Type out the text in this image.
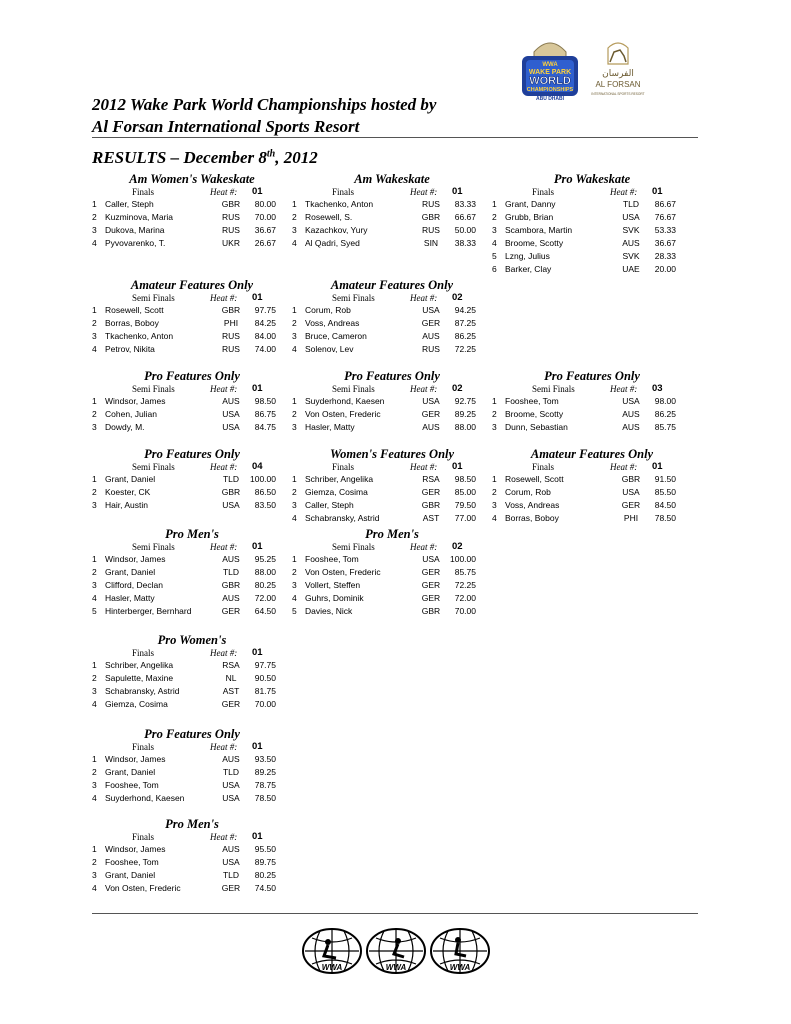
WWA
WAKE PARK
WORLD
CHAMPIONSHIPS
ABU DHABI
الفرسان
AL FORSAN
INTERNATIONAL SPORTS RESORT
2012 Wake Park World Championships hosted by
Al Forsan International Sports Resort
RESULTS – December 8th, 2012
Am Women's Wakeskate
Finals	Heat #: 01
1 Caller, Steph	GBR	80.00
2 Kuzminova, Maria	RUS	70.00
3 Dukova, Marina	RUS	36.67
4 Pyvovarenko, T.	UKR	26.67
Am Wakeskate
Finals	Heat #: 01
1 Tkachenko, Anton	RUS	83.33
2 Rosewell, S.	GBR	66.67
3 Kazachkov, Yury	RUS	50.00
4 Al Qadri, Syed	SIN	38.33
Pro Wakeskate
Finals	Heat #: 01
1 Grant, Danny	TLD	86.67
2 Grubb, Brian	USA	76.67
3 Scambora, Martin	SVK	53.33
4 Broome, Scotty	AUS	36.67
5 Lzng, Julius	SVK	28.33
6 Barker, Clay	UAE	20.00
Amateur Features Only
Semi Finals	Heat #: 01
1 Rosewell, Scott	GBR	97.75
2 Borras, Boboy	PHI	84.25
3 Tkachenko, Anton	RUS	84.00
4 Petrov, Nikita	RUS	74.00
Amateur Features Only
Semi Finals	Heat #: 02
1 Corum, Rob	USA	94.25
2 Voss, Andreas	GER	87.25
3 Bruce, Cameron	AUS	86.25
4 Solenov, Lev	RUS	72.25
Pro Features Only
Semi Finals	Heat #: 01
1 Windsor, James	AUS	98.50
2 Cohen, Julian	USA	86.75
3 Dowdy, M.	USA	84.75
Pro Features Only
Semi Finals	Heat #: 02
1 Suyderhond, Kaesen	USA	92.75
2 Von Osten, Frederic	GER	89.25
3 Hasler, Matty	AUS	88.00
Pro Features Only
Semi Finals	Heat #: 03
1 Fooshee, Tom	USA	98.00
2 Broome, Scotty	AUS	86.25
3 Dunn, Sebastian	AUS	85.75
Pro Features Only
Semi Finals	Heat #: 04
1 Grant, Daniel	TLD	100.00
2 Koester, CK	GBR	86.50
3 Hair, Austin	USA	83.50
Women's Features Only
Finals	Heat #: 01
1 Schriber, Angelika	RSA	98.50
2 Giemza, Cosima	GER	85.00
3 Caller, Steph	GBR	79.50
4 Schabransky, Astrid	AST	77.00
Amateur Features Only
Finals	Heat #: 01
1 Rosewell, Scott	GBR	91.50
2 Corum, Rob	USA	85.50
3 Voss, Andreas	GER	84.50
4 Borras, Boboy	PHI	78.50
Pro Men's
Semi Finals	Heat #: 01
1 Windsor, James	AUS	95.25
2 Grant, Daniel	TLD	88.00
3 Clifford, Declan	GBR	80.25
4 Hasler, Matty	AUS	72.00
5 Hinterberger, Bernhard	GER	64.50
Pro Men's
Semi Finals	Heat #: 02
1 Fooshee, Tom	USA	100.00
2 Von Osten, Frederic	GER	85.75
3 Vollert, Steffen	GER	72.25
4 Guhrs, Dominik	GER	72.00
5 Davies, Nick	GBR	70.00
Pro Women's
Finals	Heat #: 01
1 Schriber, Angelika	RSA	97.75
2 Sapulette, Maxine	NL	90.50
3 Schabransky, Astrid	AST	81.75
4 Giemza, Cosima	GER	70.00
Pro Features Only
Finals	Heat #: 01
1 Windsor, James	AUS	93.50
2 Grant, Daniel	TLD	89.25
3 Fooshee, Tom	USA	78.75
4 Suyderhond, Kaesen	USA	78.50
Pro Men's
Finals	Heat #: 01
1 Windsor, James	AUS	95.50
2 Fooshee, Tom	USA	89.75
3 Grant, Daniel	TLD	80.25
4 Von Osten, Frederic	GER	74.50
WWA	WWA	WWA
